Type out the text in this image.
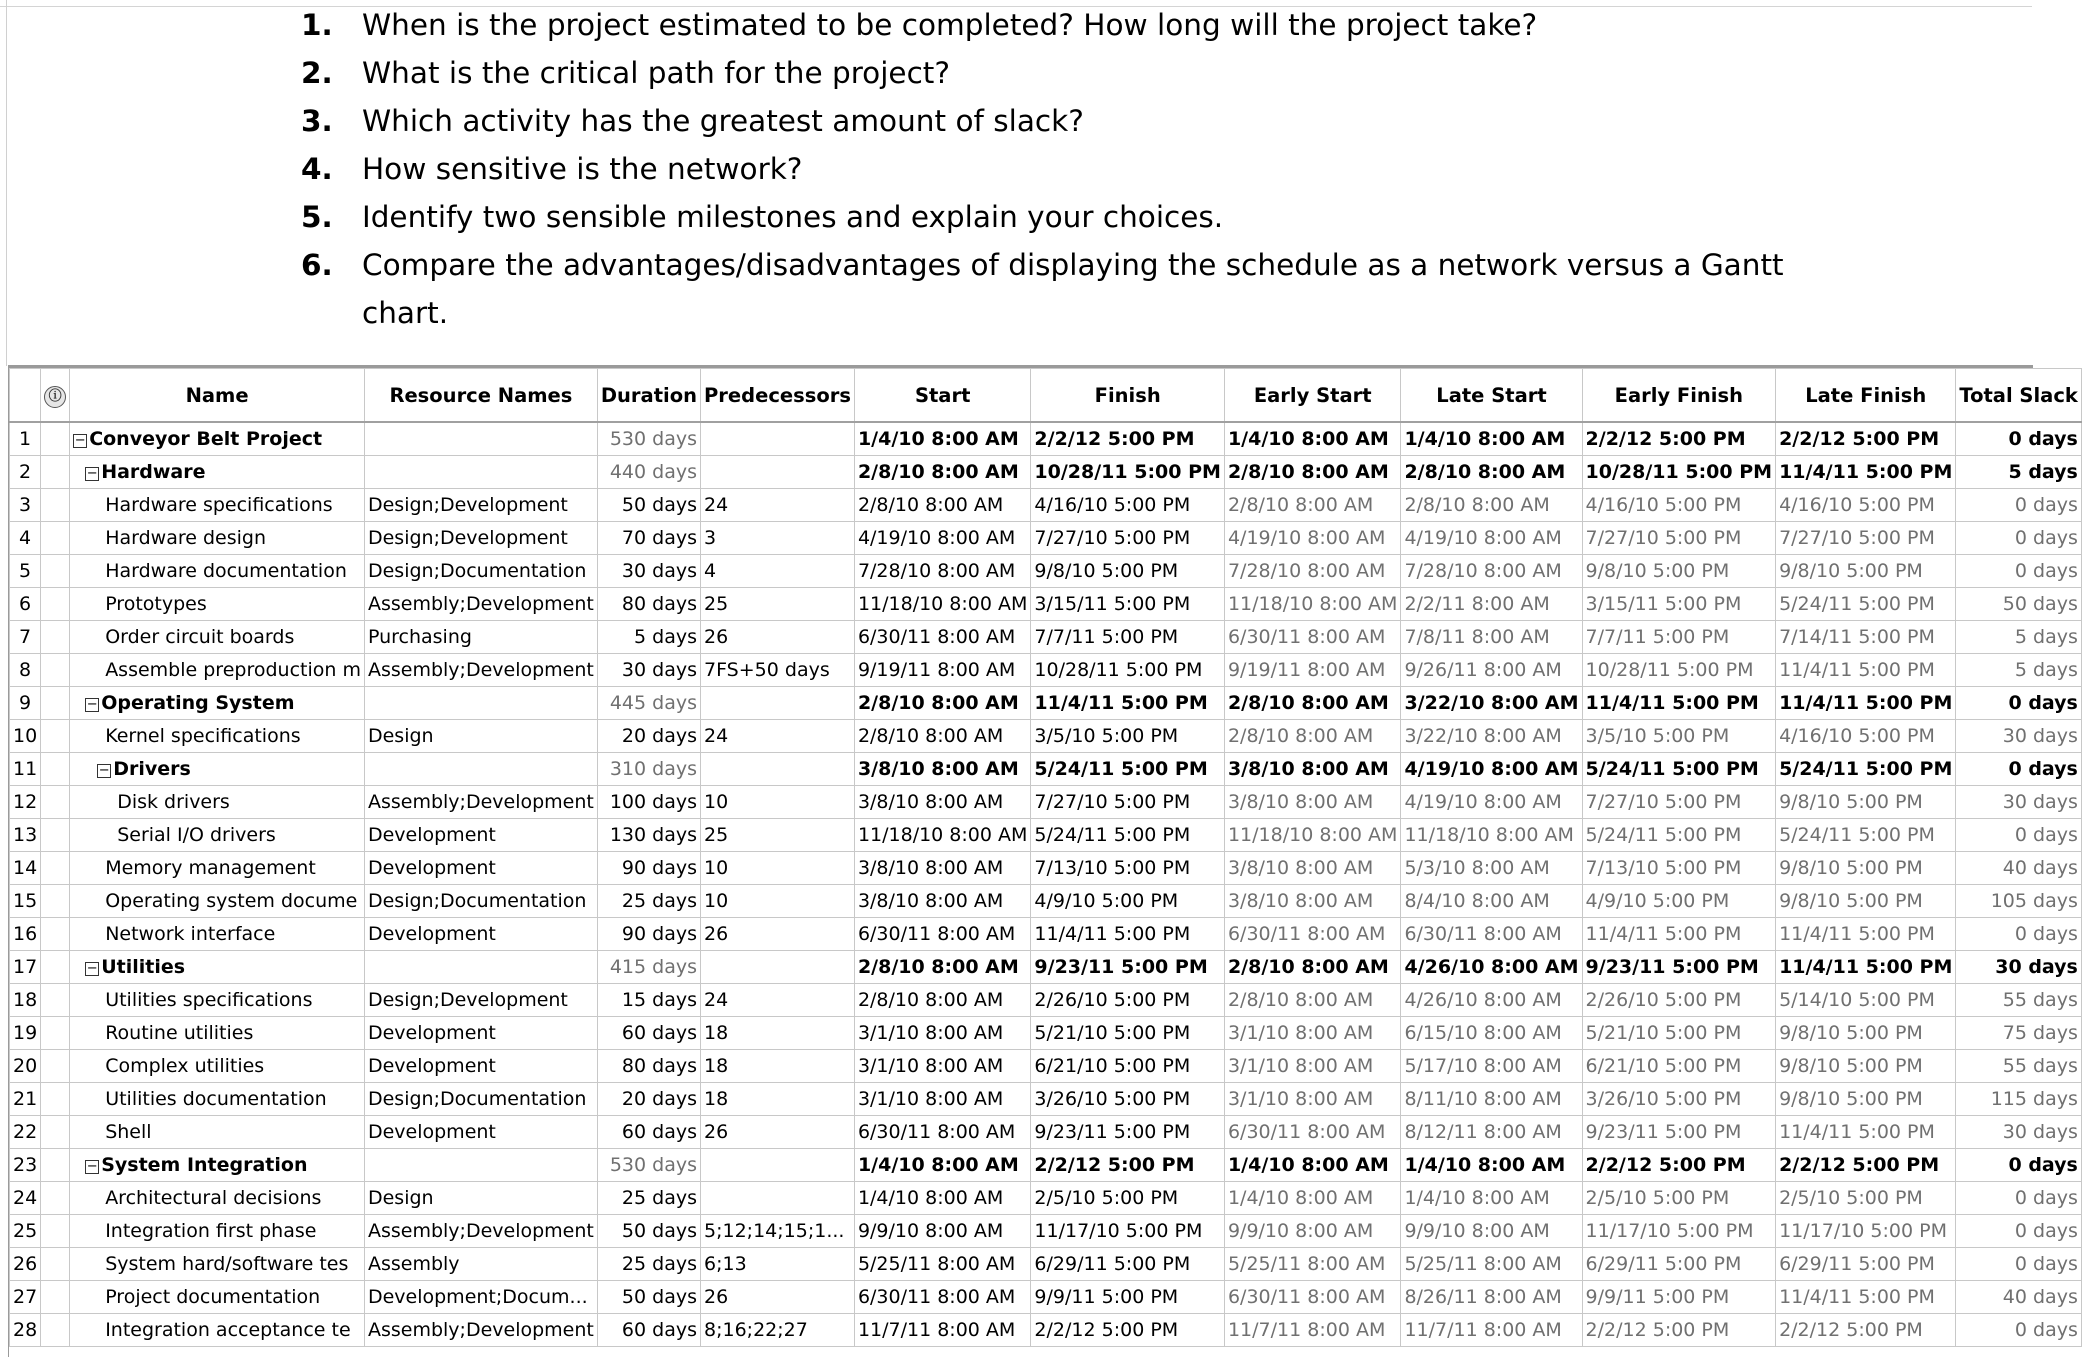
1. When is the project estimated to be completed? How long will the project take?
2. What is the critical path for the project?
3. Which activity has the greatest amount of slack?
4. How sensitive is the network?
5. Identify two sensible milestones and explain your choices.
6. Compare the advantages/disadvantages of displaying the schedule as a network versus a Gantt
chart.
	ⓘ	Name	Resource Names	Duration	Predecessors	Start	Finish	Early Start	Late Start	Early Finish	Late Finish	Total Slack
1		− Conveyor Belt Project		530 days		1/4/10 8:00 AM	2/2/12 5:00 PM	1/4/10 8:00 AM	1/4/10 8:00 AM	2/2/12 5:00 PM	2/2/12 5:00 PM	0 days
2		− Hardware		440 days		2/8/10 8:00 AM	10/28/11 5:00 PM	2/8/10 8:00 AM	2/8/10 8:00 AM	10/28/11 5:00 PM	11/4/11 5:00 PM	5 days
3		Hardware specifications	Design;Development	50 days	24	2/8/10 8:00 AM	4/16/10 5:00 PM	2/8/10 8:00 AM	2/8/10 8:00 AM	4/16/10 5:00 PM	4/16/10 5:00 PM	0 days
4		Hardware design	Design;Development	70 days	3	4/19/10 8:00 AM	7/27/10 5:00 PM	4/19/10 8:00 AM	4/19/10 8:00 AM	7/27/10 5:00 PM	7/27/10 5:00 PM	0 days
5		Hardware documentation	Design;Documentation	30 days	4	7/28/10 8:00 AM	9/8/10 5:00 PM	7/28/10 8:00 AM	7/28/10 8:00 AM	9/8/10 5:00 PM	9/8/10 5:00 PM	0 days
6		Prototypes	Assembly;Development	80 days	25	11/18/10 8:00 AM	3/15/11 5:00 PM	11/18/10 8:00 AM	2/2/11 8:00 AM	3/15/11 5:00 PM	5/24/11 5:00 PM	50 days
7		Order circuit boards	Purchasing	5 days	26	6/30/11 8:00 AM	7/7/11 5:00 PM	6/30/11 8:00 AM	7/8/11 8:00 AM	7/7/11 5:00 PM	7/14/11 5:00 PM	5 days
8		Assemble preproduction m	Assembly;Development	30 days	7FS+50 days	9/19/11 8:00 AM	10/28/11 5:00 PM	9/19/11 8:00 AM	9/26/11 8:00 AM	10/28/11 5:00 PM	11/4/11 5:00 PM	5 days
9		− Operating System		445 days		2/8/10 8:00 AM	11/4/11 5:00 PM	2/8/10 8:00 AM	3/22/10 8:00 AM	11/4/11 5:00 PM	11/4/11 5:00 PM	0 days
10		Kernel specifications	Design	20 days	24	2/8/10 8:00 AM	3/5/10 5:00 PM	2/8/10 8:00 AM	3/22/10 8:00 AM	3/5/10 5:00 PM	4/16/10 5:00 PM	30 days
11		− Drivers		310 days		3/8/10 8:00 AM	5/24/11 5:00 PM	3/8/10 8:00 AM	4/19/10 8:00 AM	5/24/11 5:00 PM	5/24/11 5:00 PM	0 days
12		Disk drivers	Assembly;Development	100 days	10	3/8/10 8:00 AM	7/27/10 5:00 PM	3/8/10 8:00 AM	4/19/10 8:00 AM	7/27/10 5:00 PM	9/8/10 5:00 PM	30 days
13		Serial I/O drivers	Development	130 days	25	11/18/10 8:00 AM	5/24/11 5:00 PM	11/18/10 8:00 AM	11/18/10 8:00 AM	5/24/11 5:00 PM	5/24/11 5:00 PM	0 days
14		Memory management	Development	90 days	10	3/8/10 8:00 AM	7/13/10 5:00 PM	3/8/10 8:00 AM	5/3/10 8:00 AM	7/13/10 5:00 PM	9/8/10 5:00 PM	40 days
15		Operating system docume	Design;Documentation	25 days	10	3/8/10 8:00 AM	4/9/10 5:00 PM	3/8/10 8:00 AM	8/4/10 8:00 AM	4/9/10 5:00 PM	9/8/10 5:00 PM	105 days
16		Network interface	Development	90 days	26	6/30/11 8:00 AM	11/4/11 5:00 PM	6/30/11 8:00 AM	6/30/11 8:00 AM	11/4/11 5:00 PM	11/4/11 5:00 PM	0 days
17		− Utilities		415 days		2/8/10 8:00 AM	9/23/11 5:00 PM	2/8/10 8:00 AM	4/26/10 8:00 AM	9/23/11 5:00 PM	11/4/11 5:00 PM	30 days
18		Utilities specifications	Design;Development	15 days	24	2/8/10 8:00 AM	2/26/10 5:00 PM	2/8/10 8:00 AM	4/26/10 8:00 AM	2/26/10 5:00 PM	5/14/10 5:00 PM	55 days
19		Routine utilities	Development	60 days	18	3/1/10 8:00 AM	5/21/10 5:00 PM	3/1/10 8:00 AM	6/15/10 8:00 AM	5/21/10 5:00 PM	9/8/10 5:00 PM	75 days
20		Complex utilities	Development	80 days	18	3/1/10 8:00 AM	6/21/10 5:00 PM	3/1/10 8:00 AM	5/17/10 8:00 AM	6/21/10 5:00 PM	9/8/10 5:00 PM	55 days
21		Utilities documentation	Design;Documentation	20 days	18	3/1/10 8:00 AM	3/26/10 5:00 PM	3/1/10 8:00 AM	8/11/10 8:00 AM	3/26/10 5:00 PM	9/8/10 5:00 PM	115 days
22		Shell	Development	60 days	26	6/30/11 8:00 AM	9/23/11 5:00 PM	6/30/11 8:00 AM	8/12/11 8:00 AM	9/23/11 5:00 PM	11/4/11 5:00 PM	30 days
23		− System Integration		530 days		1/4/10 8:00 AM	2/2/12 5:00 PM	1/4/10 8:00 AM	1/4/10 8:00 AM	2/2/12 5:00 PM	2/2/12 5:00 PM	0 days
24		Architectural decisions	Design	25 days		1/4/10 8:00 AM	2/5/10 5:00 PM	1/4/10 8:00 AM	1/4/10 8:00 AM	2/5/10 5:00 PM	2/5/10 5:00 PM	0 days
25		Integration first phase	Assembly;Development	50 days	5;12;14;15;1...	9/9/10 8:00 AM	11/17/10 5:00 PM	9/9/10 8:00 AM	9/9/10 8:00 AM	11/17/10 5:00 PM	11/17/10 5:00 PM	0 days
26		System hard/software tes	Assembly	25 days	6;13	5/25/11 8:00 AM	6/29/11 5:00 PM	5/25/11 8:00 AM	5/25/11 8:00 AM	6/29/11 5:00 PM	6/29/11 5:00 PM	0 days
27		Project documentation	Development;Docum...	50 days	26	6/30/11 8:00 AM	9/9/11 5:00 PM	6/30/11 8:00 AM	8/26/11 8:00 AM	9/9/11 5:00 PM	11/4/11 5:00 PM	40 days
28		Integration acceptance te	Assembly;Development	60 days	8;16;22;27	11/7/11 8:00 AM	2/2/12 5:00 PM	11/7/11 8:00 AM	11/7/11 8:00 AM	2/2/12 5:00 PM	2/2/12 5:00 PM	0 days
